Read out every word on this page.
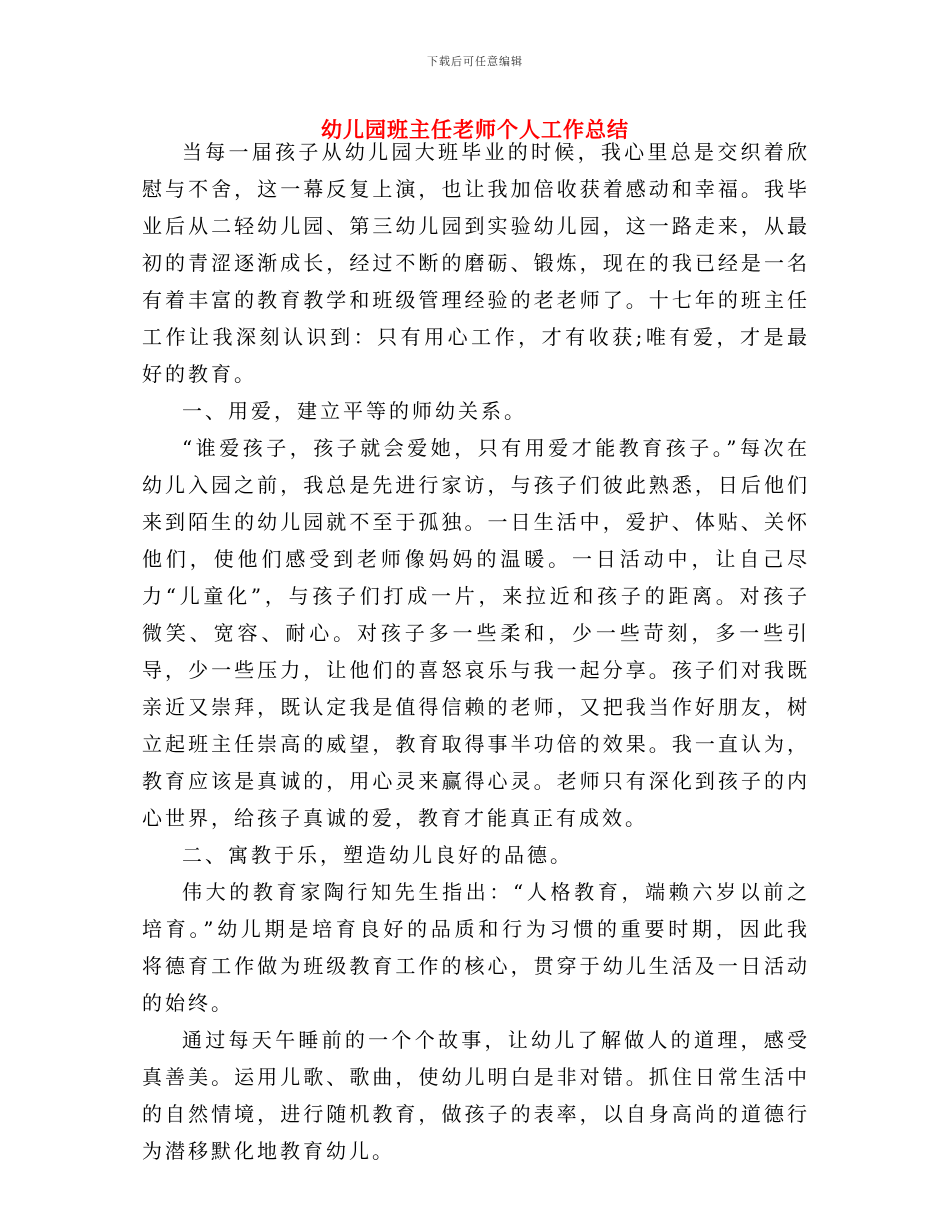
下载后可任意编辑
幼儿园班主任老师个人工作总结

当每一届孩子从幼儿园大班毕业的时候，我心里总是交织着欣慰与不舍，这一幕反复上演，也让我加倍收获着感动和幸福。我毕业后从二轻幼儿园、第三幼儿园到实验幼儿园，这一路走来，从最初的青涩逐渐成长，经过不断的磨砺、锻炼，现在的我已经是一名有着丰富的教育教学和班级管理经验的老老师了。十七年的班主任工作让我深刻认识到：只有用心工作，才有收获;唯有爱，才是最好的教育。

一、用爱，建立平等的师幼关系。

“谁爱孩子，孩子就会爱她，只有用爱才能教育孩子。”每次在幼儿入园之前，我总是先进行家访，与孩子们彼此熟悉，日后他们来到陌生的幼儿园就不至于孤独。一日生活中，爱护、体贴、关怀他们，使他们感受到老师像妈妈的温暖。一日活动中，让自己尽力“儿童化”，与孩子们打成一片，来拉近和孩子的距离。对孩子微笑、宽容、耐心。对孩子多一些柔和，少一些苛刻，多一些引导，少一些压力，让他们的喜怒哀乐与我一起分享。孩子们对我既亲近又崇拜，既认定我是值得信赖的老师，又把我当作好朋友，树立起班主任崇高的威望，教育取得事半功倍的效果。我一直认为，教育应该是真诚的，用心灵来赢得心灵。老师只有深化到孩子的内心世界，给孩子真诚的爱，教育才能真正有成效。

二、寓教于乐，塑造幼儿良好的品德。

伟大的教育家陶行知先生指出：“人格教育，端赖六岁以前之培育。”幼儿期是培育良好的品质和行为习惯的重要时期，因此我将德育工作做为班级教育工作的核心，贯穿于幼儿生活及一日活动的始终。

通过每天午睡前的一个个故事，让幼儿了解做人的道理，感受真善美。运用儿歌、歌曲，使幼儿明白是非对错。抓住日常生活中的自然情境，进行随机教育，做孩子的表率，以自身高尚的道德行为潜移默化地教育幼儿。
